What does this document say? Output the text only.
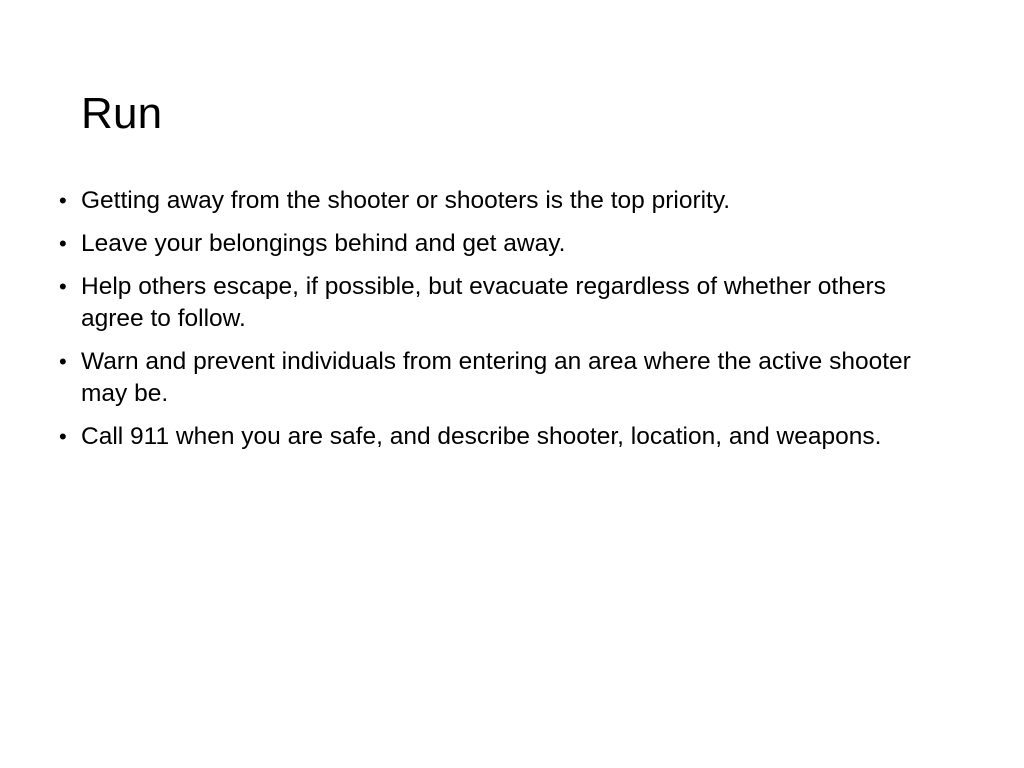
Run
• Getting away from the shooter or shooters is the top priority.
• Leave your belongings behind and get away.
• Help others escape, if possible, but evacuate regardless of whether others agree to follow.
• Warn and prevent individuals from entering an area where the active shooter may be.
• Call 911 when you are safe, and describe shooter, location, and weapons.
